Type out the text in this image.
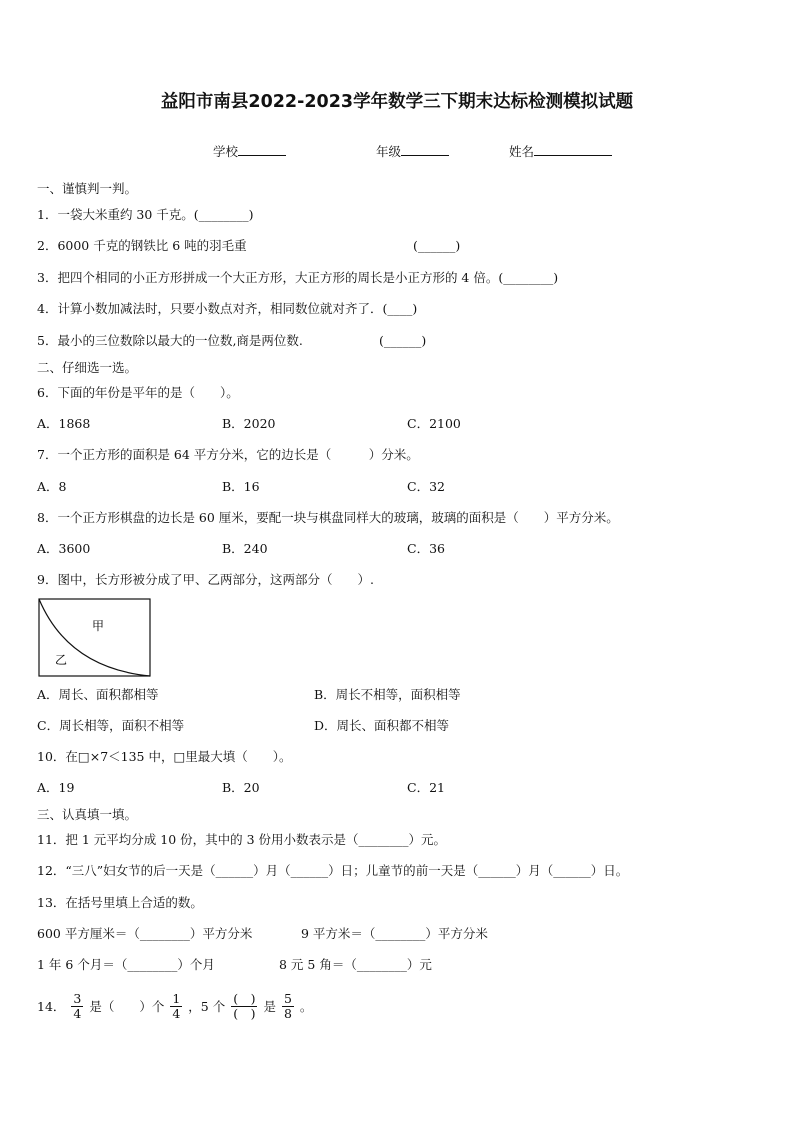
益阳市南县2022-2023学年数学三下期末达标检测模拟试题
学校	年级	姓名
一、谨慎判一判。
1．一袋大米重约 30 千克。(________)
2．6000 千克的钢铁比 6 吨的羽毛重	(______)
3．把四个相同的小正方形拼成一个大正方形，大正方形的周长是小正方形的 4 倍。(________)
4．计算小数加减法时，只要小数点对齐，相同数位就对齐了．(____)
5．最小的三位数除以最大的一位数,商是两位数.	(______)
二、仔细选一选。
6．下面的年份是平年的是（　　）。
A．1868	B．2020	C．2100
7．一个正方形的面积是 64 平方分米，它的边长是（　　　）分米。
A．8	B．16	C．32
8．一个正方形棋盘的边长是 60 厘米，要配一块与棋盘同样大的玻璃，玻璃的面积是（　　）平方分米。
A．3600	B．240	C．36
9．图中，长方形被分成了甲、乙两部分，这两部分（　　）.
甲
乙
A．周长、面积都相等	B．周长不相等，面积相等
C．周长相等，面积不相等	D．周长、面积都不相等
10．在□×7＜135 中，□里最大填（　　）。
A．19	B．20	C．21
三、认真填一填。
11．把 1 元平均分成 10 份，其中的 3 份用小数表示是（________）元。
12．“三八”妇女节的后一天是（______）月（______）日；儿童节的前一天是（______）月（______）日。
13．在括号里填上合适的数。
600 平方厘米＝（________）平方分米	9 平方米＝（________）平方分米
1 年 6 个月＝（________）个月	8 元 5 角＝（________）元
14． $\frac{3}{4}$ 是（　　）个 $\frac{1}{4}$ ，5 个 $\frac{( )}{( )}$ 是 $\frac{5}{8}$ 。
